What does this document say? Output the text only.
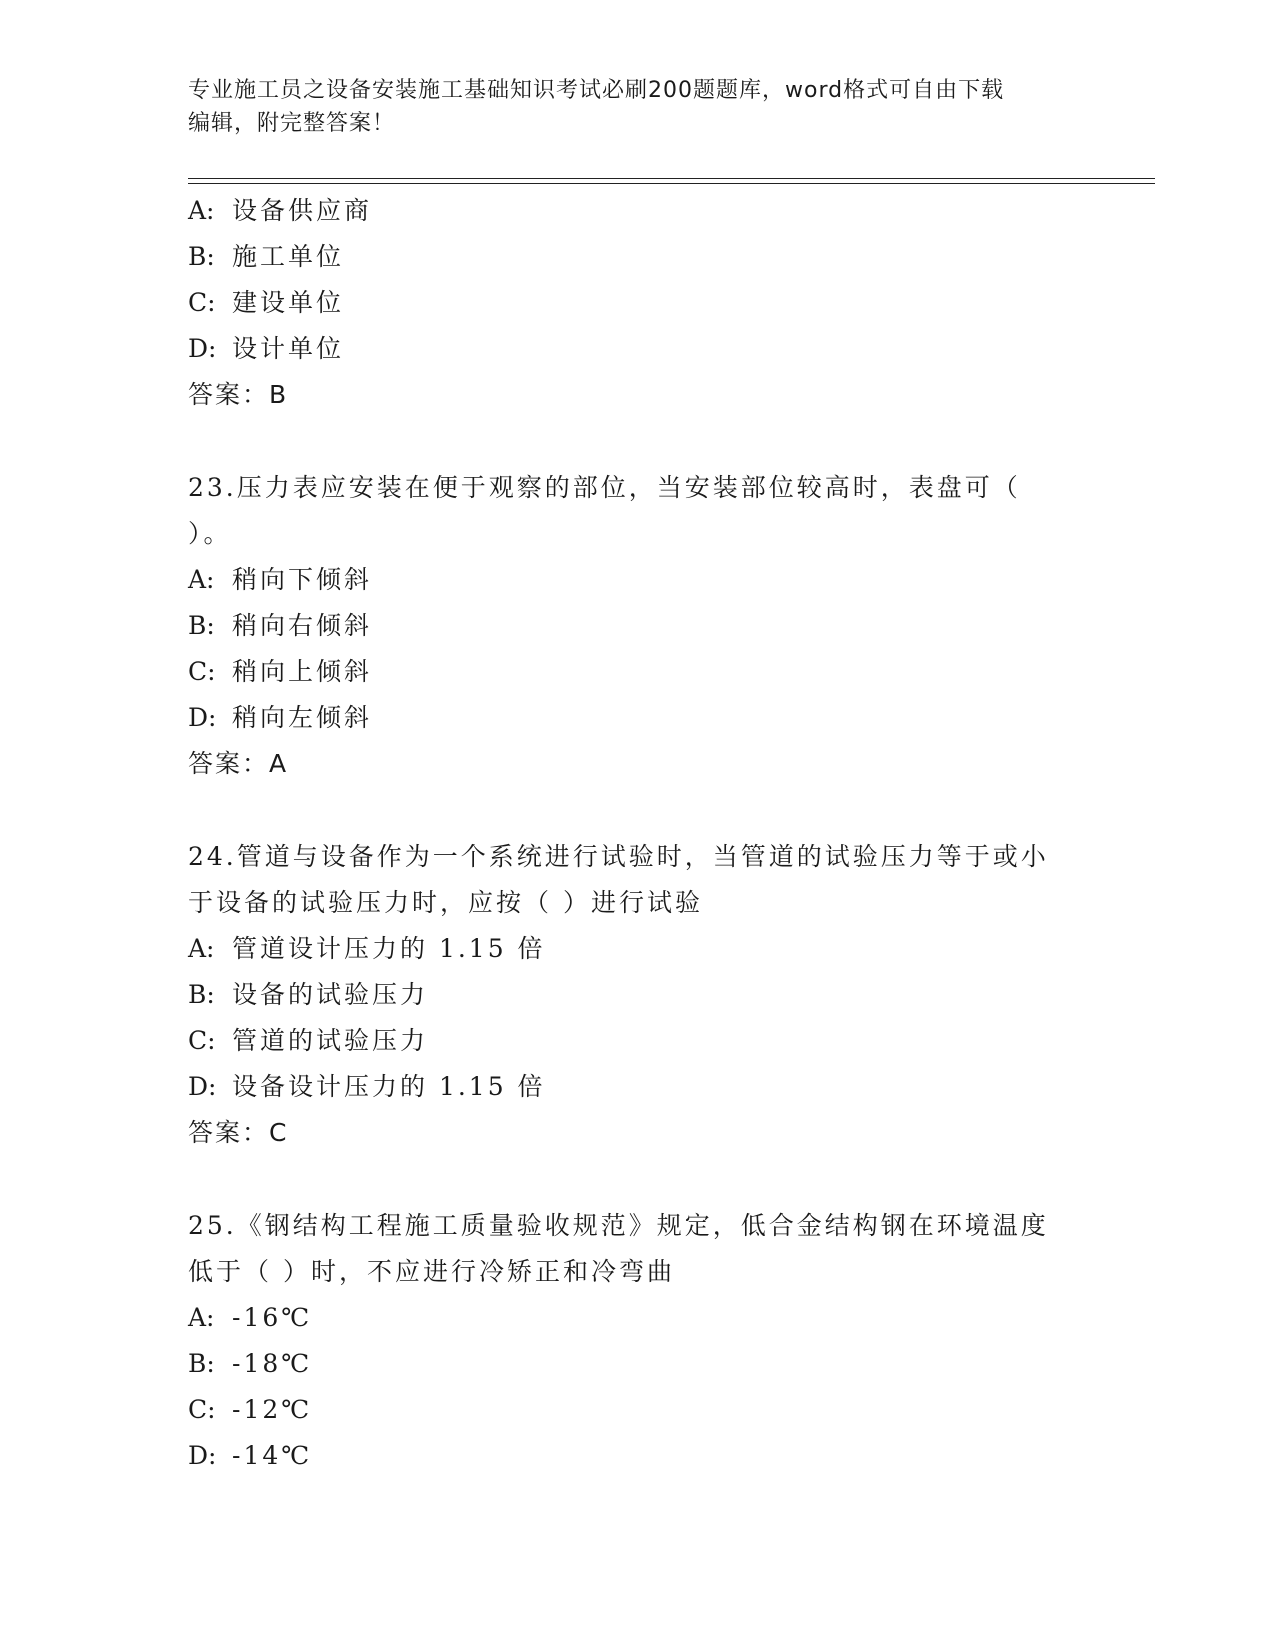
专业施工员之设备安装施工基础知识考试必刷200题题库，word格式可自由下载
编辑，附完整答案！
A: 设备供应商
B: 施工单位
C: 建设单位
D: 设计单位
答案：B
23.压力表应安装在便于观察的部位，当安装部位较高时，表盘可（
）。
A: 稍向下倾斜
B: 稍向右倾斜
C: 稍向上倾斜
D: 稍向左倾斜
答案：A
24.管道与设备作为一个系统进行试验时，当管道的试验压力等于或小
于设备的试验压力时，应按（ ）进行试验
A: 管道设计压力的 1.15 倍
B: 设备的试验压力
C: 管道的试验压力
D: 设备设计压力的 1.15 倍
答案：C
25.《钢结构工程施工质量验收规范》规定，低合金结构钢在环境温度
低于（ ）时，不应进行冷矫正和冷弯曲
A: -16℃
B: -18℃
C: -12℃
D: -14℃
